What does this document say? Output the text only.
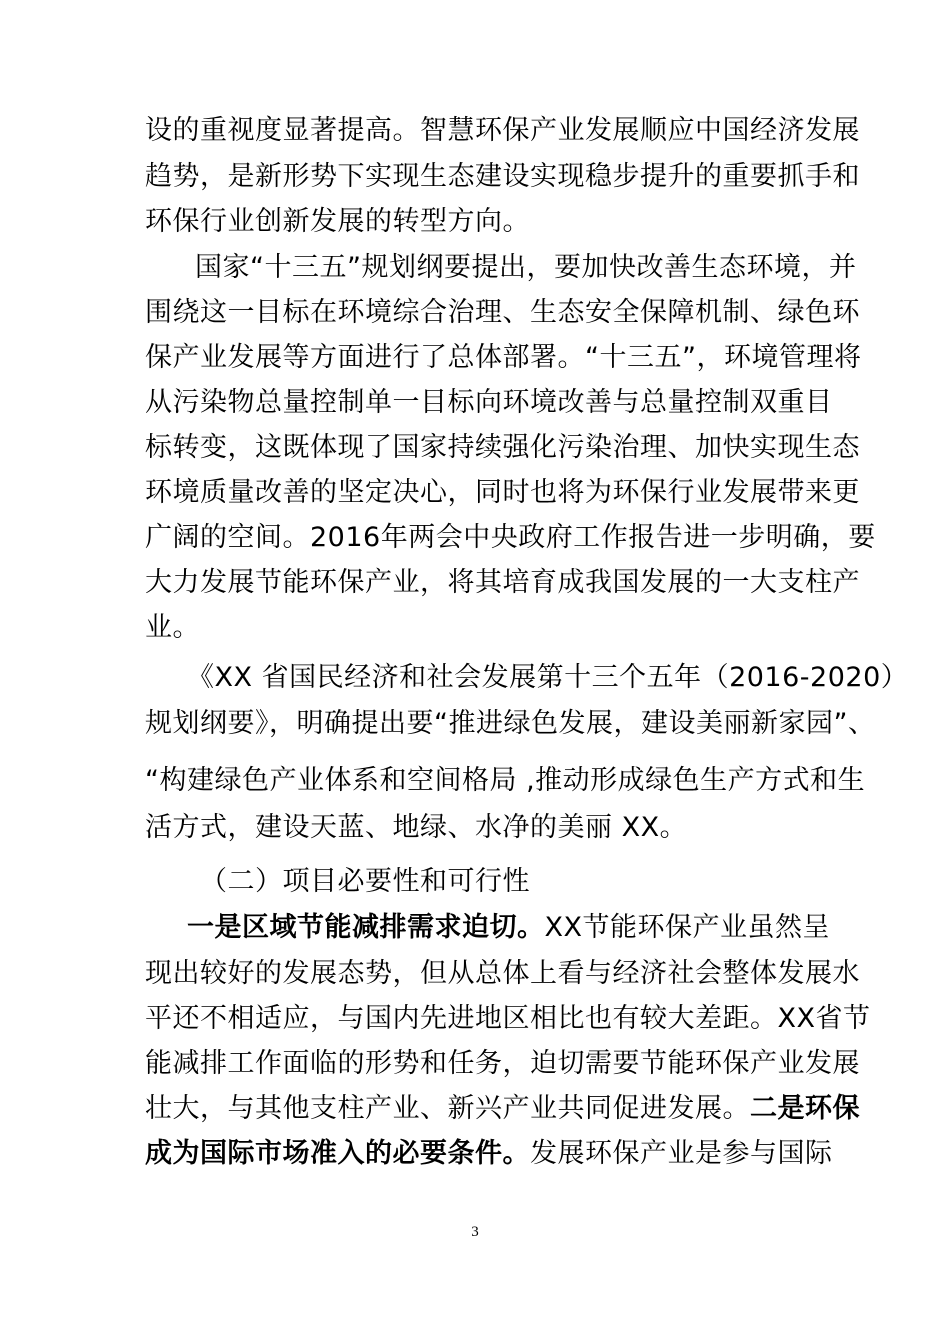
设的重视度显著提高。智慧环保产业发展顺应中国经济发展
趋势，是新形势下实现生态建设实现稳步提升的重要抓手和
环保行业创新发展的转型方向。
国家“十三五”规划纲要提出，要加快改善生态环境，并
围绕这一目标在环境综合治理、生态安全保障机制、绿色环
保产业发展等方面进行了总体部署。“十三五”，环境管理将
从污染物总量控制单一目标向环境改善与总量控制双重目
标转变，这既体现了国家持续强化污染治理、加快实现生态
环境质量改善的坚定决心，同时也将为环保行业发展带来更
广阔的空间。2016年两会中央政府工作报告进一步明确，要
大力发展节能环保产业，将其培育成我国发展的一大支柱产
业。
《XX 省国民经济和社会发展第十三个五年（2016-2020）
规划纲要》，明确提出要“推进绿色发展，建设美丽新家园”、
“构建绿色产业体系和空间格局 ,推动形成绿色生产方式和生
活方式，建设天蓝、地绿、水净的美丽 XX。
（二）项目必要性和可行性
一是区域节能减排需求迫切。XX节能环保产业虽然呈
现出较好的发展态势，但从总体上看与经济社会整体发展水
平还不相适应，与国内先进地区相比也有较大差距。XX省节
能减排工作面临的形势和任务，迫切需要节能环保产业发展
壮大，与其他支柱产业、新兴产业共同促进发展。二是环保
成为国际市场准入的必要条件。发展环保产业是参与国际
3
